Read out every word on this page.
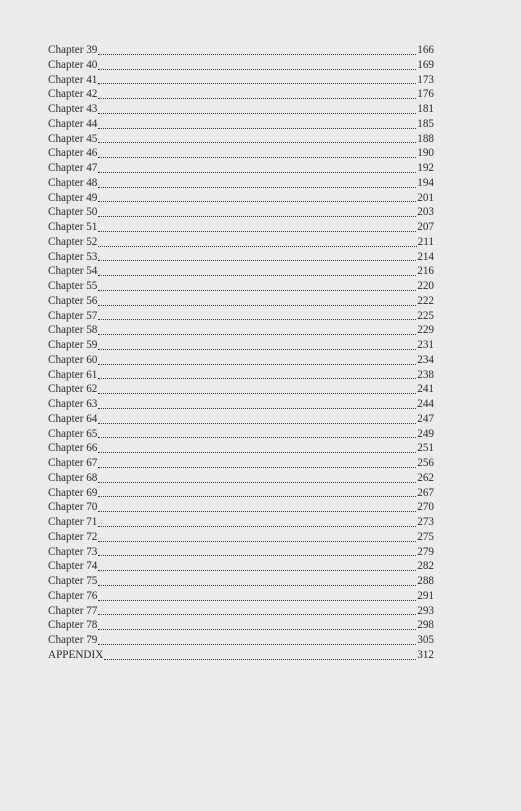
Chapter 39	166
Chapter 40	169
Chapter 41	173
Chapter 42	176
Chapter 43	181
Chapter 44	185
Chapter 45	188
Chapter 46	190
Chapter 47	192
Chapter 48	194
Chapter 49	201
Chapter 50	203
Chapter 51	207
Chapter 52	211
Chapter 53	214
Chapter 54	216
Chapter 55	220
Chapter 56	222
Chapter 57	225
Chapter 58	229
Chapter 59	231
Chapter 60	234
Chapter 61	238
Chapter 62	241
Chapter 63	244
Chapter 64	247
Chapter 65	249
Chapter 66	251
Chapter 67	256
Chapter 68	262
Chapter 69	267
Chapter 70	270
Chapter 71	273
Chapter 72	275
Chapter 73	279
Chapter 74	282
Chapter 75	288
Chapter 76	291
Chapter 77	293
Chapter 78	298
Chapter 79	305
APPENDIX	312
